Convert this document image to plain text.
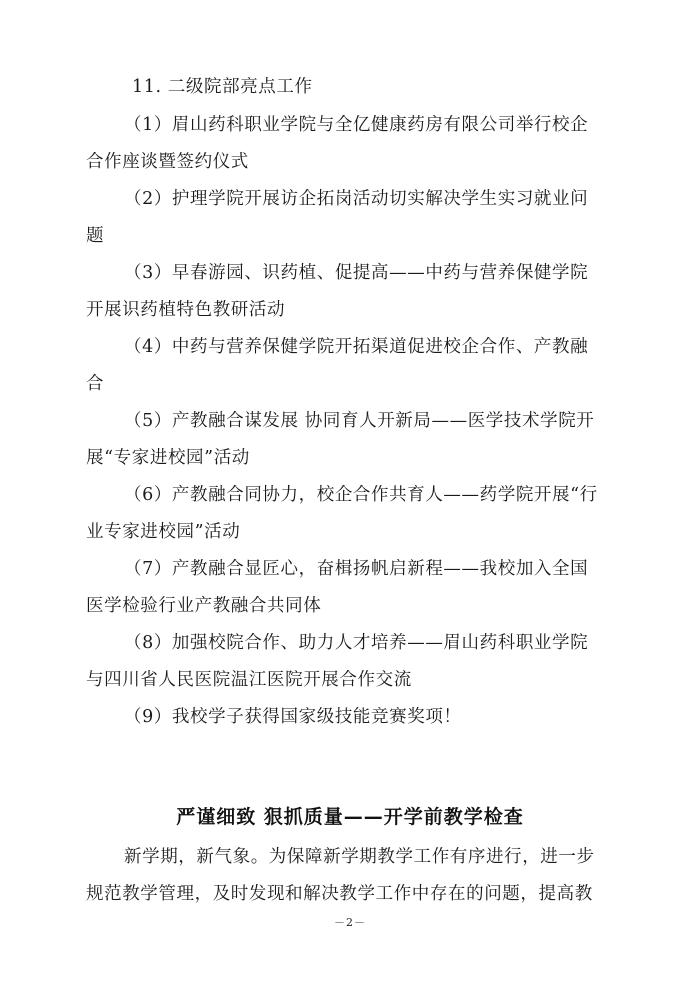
11. 二级院部亮点工作
（1）眉山药科职业学院与全亿健康药房有限公司举行校企
合作座谈暨签约仪式
（2）护理学院开展访企拓岗活动切实解决学生实习就业问
题
（3）早春游园、识药植、促提高——中药与营养保健学院
开展识药植特色教研活动
（4）中药与营养保健学院开拓渠道促进校企合作、产教融
合
（5）产教融合谋发展 协同育人开新局——医学技术学院开
展“专家进校园”活动
（6）产教融合同协力，校企合作共育人——药学院开展“行
业专家进校园”活动
（7）产教融合显匠心，奋楫扬帆启新程——我校加入全国
医学检验行业产教融合共同体
（8）加强校院合作、助力人才培养——眉山药科职业学院
与四川省人民医院温江医院开展合作交流
（9）我校学子获得国家级技能竞赛奖项！
严谨细致 狠抓质量——开学前教学检查
新学期，新气象。为保障新学期教学工作有序进行，进一步
规范教学管理，及时发现和解决教学工作中存在的问题，提高教
－2－
